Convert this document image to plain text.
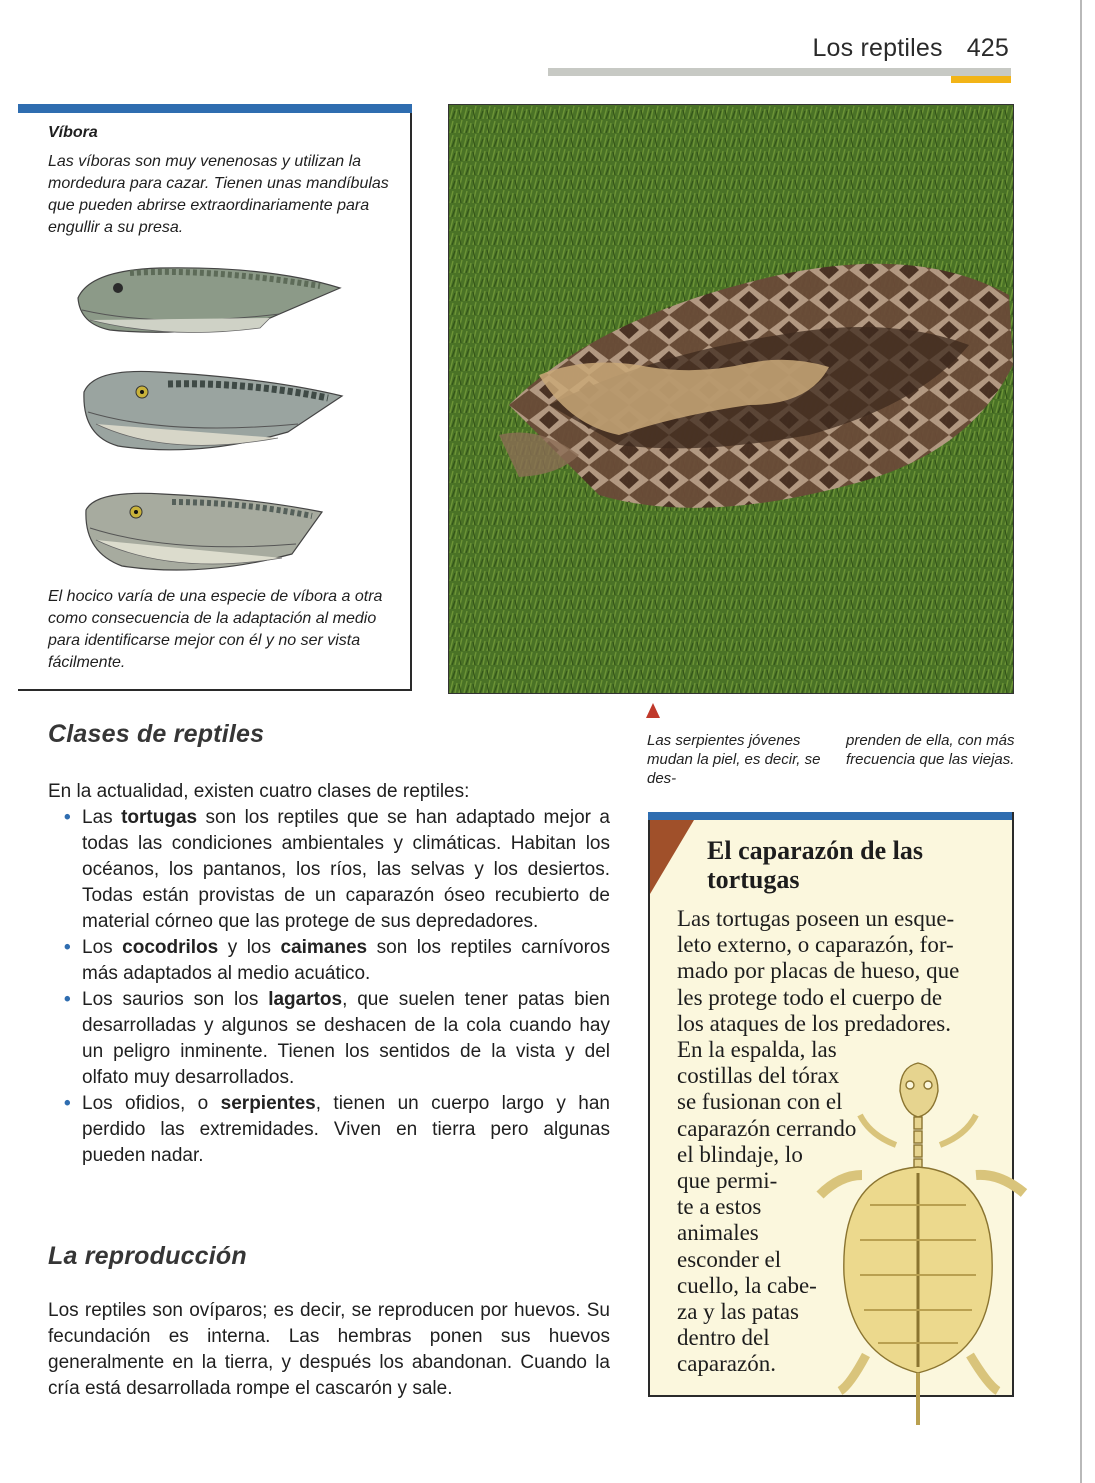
Los reptiles 425
Víbora
Las víboras son muy venenosas y utilizan la mordedura para cazar. Tienen unas mandíbulas que pueden abrirse extraordinariamente para engullir a su presa.
El hocico varía de una especie de víbora a otra como consecuencia de la adaptación al medio para identificarse mejor con él y no ser vista fácilmente.
Las serpientes jóvenes mudan la piel, es decir, se des-
prenden de ella, con más frecuencia que las viejas.
Clases de reptiles
En la actualidad, existen cuatro clases de reptiles:
• Las tortugas son los reptiles que se han adaptado mejor a todas las condiciones ambientales y climáticas. Habitan los océanos, los pantanos, los ríos, las selvas y los desiertos. Todas están provistas de un caparazón óseo recubierto de material córneo que las protege de sus depredadores.
• Los cocodrilos y los caimanes son los reptiles carnívoros más adaptados al medio acuático.
• Los saurios son los lagartos, que suelen tener patas bien desarrolladas y algunos se deshacen de la cola cuando hay un peligro inminente. Tienen los sentidos de la vista y del olfato muy desarrollados.
• Los ofidios, o serpientes, tienen un cuerpo largo y han perdido las extremidades. Viven en tierra pero algunas pueden nadar.
La reproducción
Los reptiles son ovíparos; es decir, se reproducen por huevos. Su fecundación es interna. Las hembras ponen sus huevos generalmente en la tierra, y después los abandonan. Cuando la cría está desarrollada rompe el cascarón y sale.
El caparazón de las tortugas
Las tortugas poseen un esque-
leto externo, o caparazón, for-
mado por placas de hueso, que
les protege todo el cuerpo de
los ataques de los predadores.
En la espalda, las
costillas del tórax
se fusionan con el
caparazón cerrando
el blindaje, lo
que permi-
te a estos
animales
esconder el
cuello, la cabe-
za y las patas
dentro del
caparazón.
